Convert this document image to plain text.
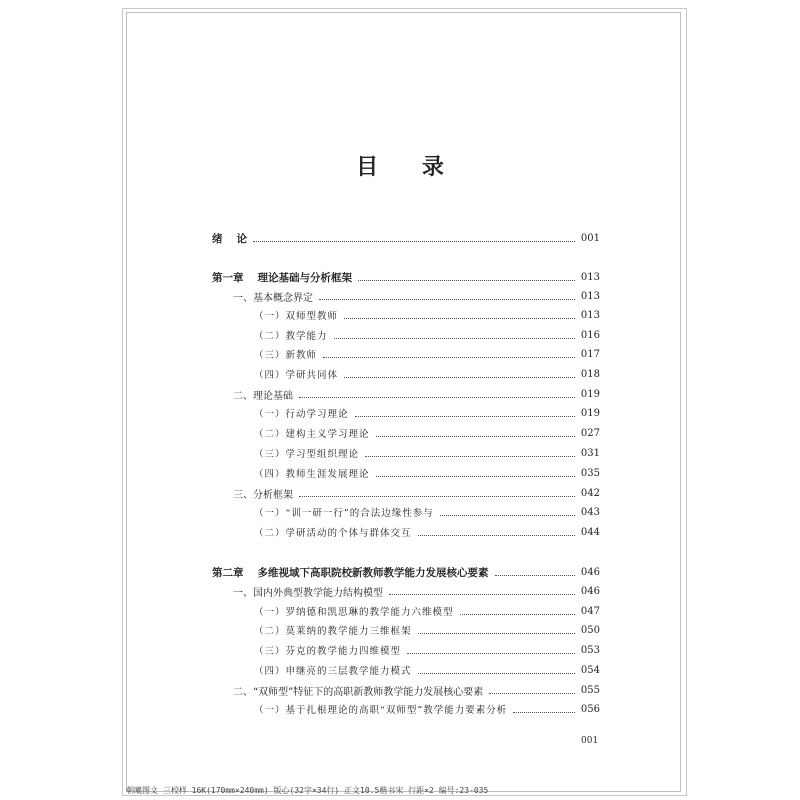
目 录
绪 论	001
第一章 理论基础与分析框架	013
一、基本概念界定	013
（一）双师型教师	013
（二）教学能力	016
（三）新教师	017
（四）学研共同体	018
二、理论基础	019
（一）行动学习理论	019
（二）建构主义学习理论	027
（三）学习型组织理论	031
（四）教师生涯发展理论	035
三、分析框架	042
（一）“训一研一行”的合法边缘性参与	043
（二）学研活动的个体与群体交互	044
第二章 多维视域下高职院校新教师教学能力发展核心要素	046
一、国内外典型教学能力结构模型	046
（一）罗纳德和凯思琳的教学能力六维模型	047
（二）莫莱纳的教学能力三维框架	050
（三）芬克的教学能力四维模型	053
（四）申继亮的三层教学能力模式	054
二、“双师型”特征下的高职新教师教学能力发展核心要素	055
（一）基于扎根理论的高职“双师型”教学能力要素分析	056
001
朝曦图文 三校样 16K(170mm×240mm) 版心(32字×34行) 正文10.5楷书宋 行距×2 编号:23-035
